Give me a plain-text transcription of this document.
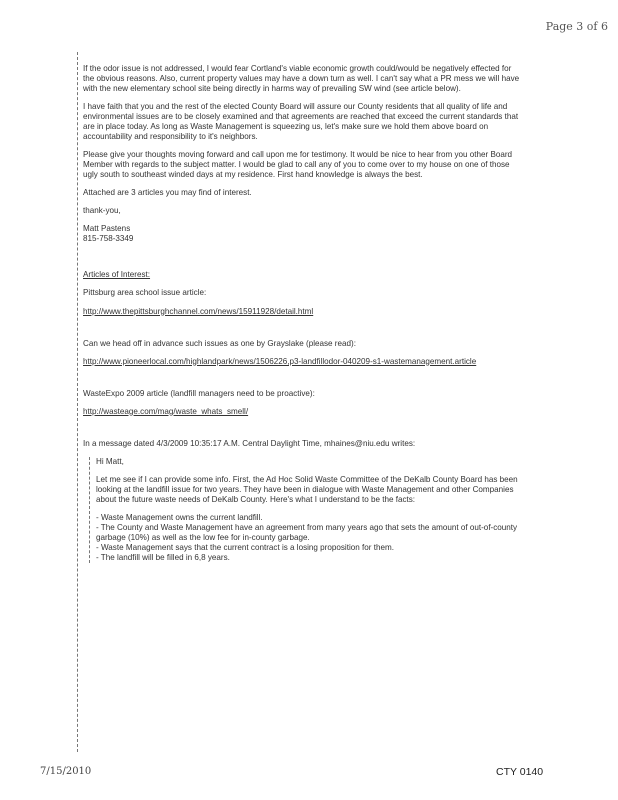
Page 3 of 6

If the odor issue is not addressed, I would fear Cortland's viable economic growth could/would be negatively effected for the obvious reasons. Also, current property values may have a down turn as well. I can't say what a PR mess we will have with the new elementary school site being directly in harms way of prevailing SW wind (see article below).

I have faith that you and the rest of the elected County Board will assure our County residents that all quality of life and environmental issues are to be closely examined and that agreements are reached that exceed the current standards that are in place today. As long as Waste Management is squeezing us, let's make sure we hold them above board on accountability and responsibility to it's neighbors.

Please give your thoughts moving forward and call upon me for testimony. It would be nice to hear from you other Board Member with regards to the subject matter. I would be glad to call any of you to come over to my house on one of those ugly south to southeast winded days at my residence. First hand knowledge is always the best.

Attached are 3 articles you may find of interest.

thank-you,

Matt Pastens

815-758-3349

Articles of Interest:

Pittsburg area school issue article:

http://www.thepittsburghchannel.com/news/15911928/detail.html

Can we head off in advance such issues as one by Grayslake (please read):

http://www.pioneerlocal.com/highlandpark/news/1506226,p3-landfillodor-040209-s1-wastemanagement.article

WasteExpo 2009 article (landfill managers need to be proactive):

http://wasteage.com/mag/waste_whats_smell/

In a message dated 4/3/2009 10:35:17 A.M. Central Daylight Time, mhaines@niu.edu writes:

Hi Matt,

Let me see if I can provide some info. First, the Ad Hoc Solid Waste Committee of the DeKalb County Board has been looking at the landfill issue for two years. They have been in dialogue with Waste Management and other Companies about the future waste needs of DeKalb County. Here's what I understand to be the facts:

- Waste Management owns the current landfill.

- The County and Waste Management have an agreement from many years ago that sets the amount of out-of-county garbage (10%) as well as the low fee for in-county garbage.

- Waste Management says that the current contract is a losing proposition for them.

- The landfill will be filled in 6,8 years.

7/15/2010	CTY 0140
